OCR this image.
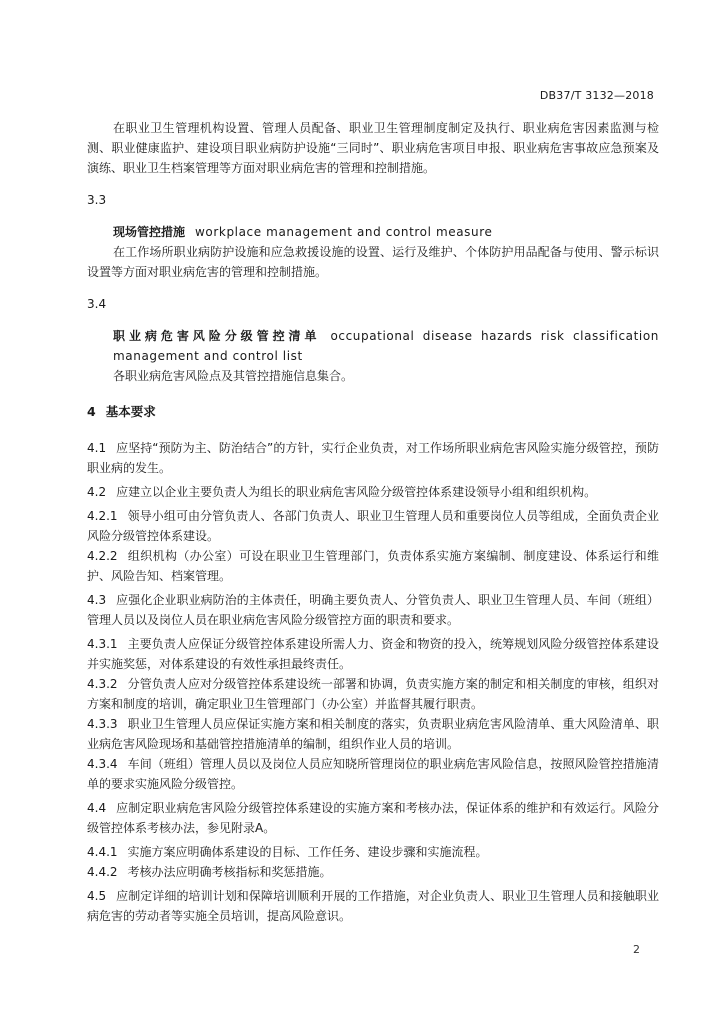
DB37/T 3132—2018

在职业卫生管理机构设置、管理人员配备、职业卫生管理制度制定及执行、职业病危害因素监测与检测、职业健康监护、建设项目职业病防护设施“三同时”、职业病危害项目申报、职业病危害事故应急预案及演练、职业卫生档案管理等方面对职业病危害的管理和控制措施。

3.3

现场管控措施 workplace management and control measure

在工作场所职业病防护设施和应急救援设施的设置、运行及维护、个体防护用品配备与使用、警示标识设置等方面对职业病危害的管理和控制措施。

3.4

职业病危害风险分级管控清单 occupational disease hazards risk classification management and control list

各职业病危害风险点及其管控措施信息集合。

4 基本要求

4.1 应坚持“预防为主、防治结合”的方针，实行企业负责，对工作场所职业病危害风险实施分级管控，预防职业病的发生。

4.2 应建立以企业主要负责人为组长的职业病危害风险分级管控体系建设领导小组和组织机构。

4.2.1 领导小组可由分管负责人、各部门负责人、职业卫生管理人员和重要岗位人员等组成，全面负责企业风险分级管控体系建设。

4.2.2 组织机构（办公室）可设在职业卫生管理部门，负责体系实施方案编制、制度建设、体系运行和维护、风险告知、档案管理。

4.3 应强化企业职业病防治的主体责任，明确主要负责人、分管负责人、职业卫生管理人员、车间（班组）管理人员以及岗位人员在职业病危害风险分级管控方面的职责和要求。

4.3.1 主要负责人应保证分级管控体系建设所需人力、资金和物资的投入，统筹规划风险分级管控体系建设并实施奖惩，对体系建设的有效性承担最终责任。

4.3.2 分管负责人应对分级管控体系建设统一部署和协调，负责实施方案的制定和相关制度的审核，组织对方案和制度的培训，确定职业卫生管理部门（办公室）并监督其履行职责。

4.3.3 职业卫生管理人员应保证实施方案和相关制度的落实，负责职业病危害风险清单、重大风险清单、职业病危害风险现场和基础管控措施清单的编制，组织作业人员的培训。

4.3.4 车间（班组）管理人员以及岗位人员应知晓所管理岗位的职业病危害风险信息，按照风险管控措施清单的要求实施风险分级管控。

4.4 应制定职业病危害风险分级管控体系建设的实施方案和考核办法，保证体系的维护和有效运行。风险分级管控体系考核办法，参见附录A。

4.4.1 实施方案应明确体系建设的目标、工作任务、建设步骤和实施流程。

4.4.2 考核办法应明确考核指标和奖惩措施。

4.5 应制定详细的培训计划和保障培训顺利开展的工作措施，对企业负责人、职业卫生管理人员和接触职业病危害的劳动者等实施全员培训，提高风险意识。

2
